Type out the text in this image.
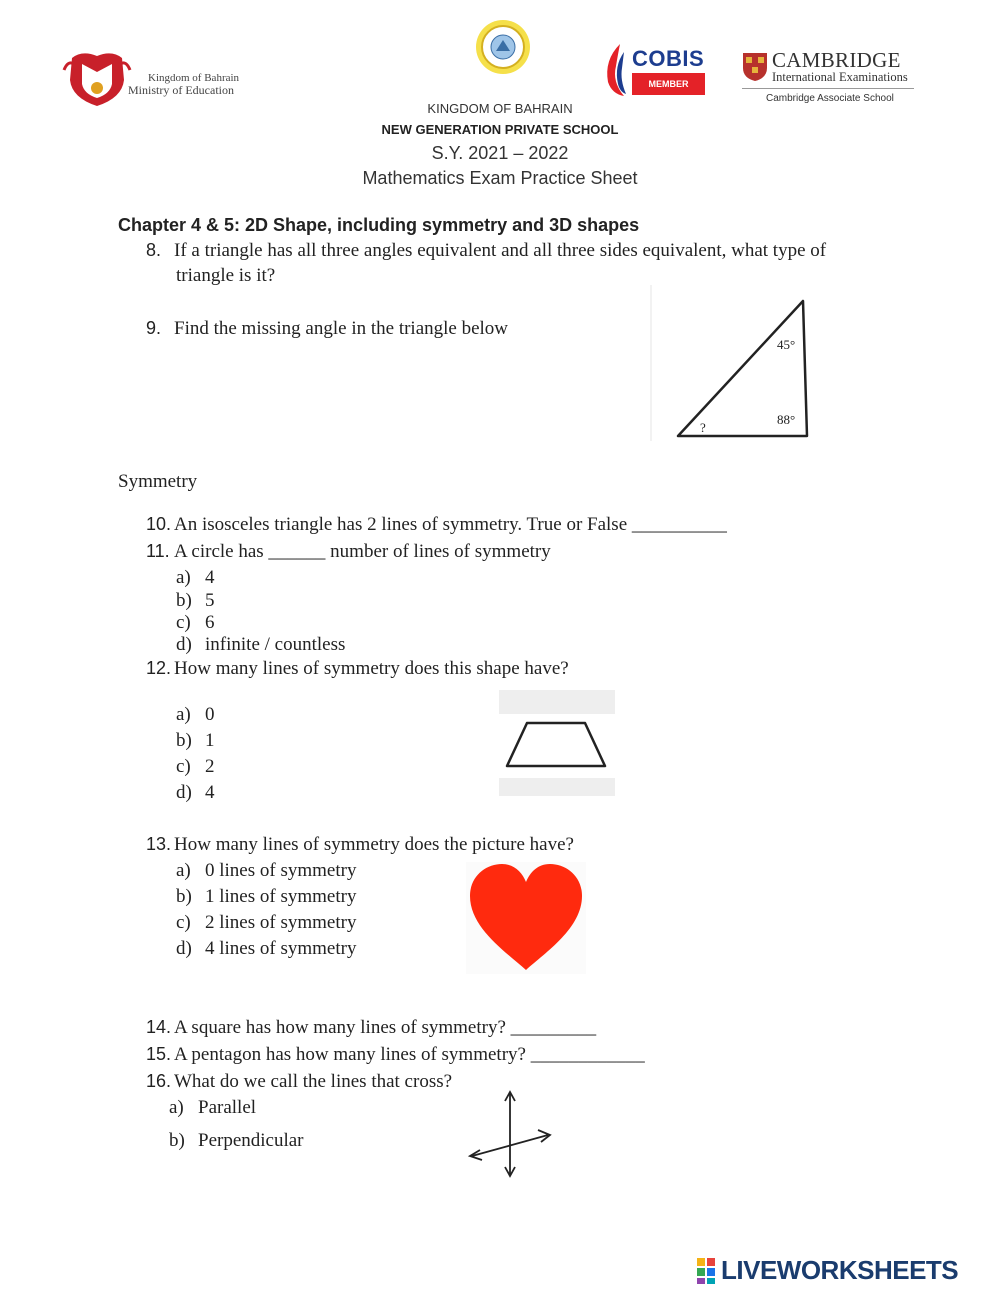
Kingdom of Bahrain
Ministry of Education
COBIS
MEMBER
CAMBRIDGE
International Examinations
Cambridge Associate School
KINGDOM OF BAHRAIN
NEW GENERATION PRIVATE SCHOOL
S.Y. 2021 – 2022
Mathematics Exam Practice Sheet
Chapter 4 & 5: 2D Shape, including symmetry and 3D shapes
8. If a triangle has all three angles equivalent and all three sides equivalent, what type of
triangle is it?
9. Find the missing angle in the triangle below
45°
88°
?
Symmetry
10. An isosceles triangle has 2 lines of symmetry. True or False __________
11. A circle has ______ number of lines of symmetry
a) 4
b) 5
c) 6
d) infinite / countless
12. How many lines of symmetry does this shape have?
a) 0
b) 1
c) 2
d) 4
13. How many lines of symmetry does the picture have?
a) 0 lines of symmetry
b) 1 lines of symmetry
c) 2 lines of symmetry
d) 4 lines of symmetry
14. A square has how many lines of symmetry? _________
15. A pentagon has how many lines of symmetry? ____________
16. What do we call the lines that cross?
a) Parallel
b) Perpendicular
LIVEWORKSHEETS
